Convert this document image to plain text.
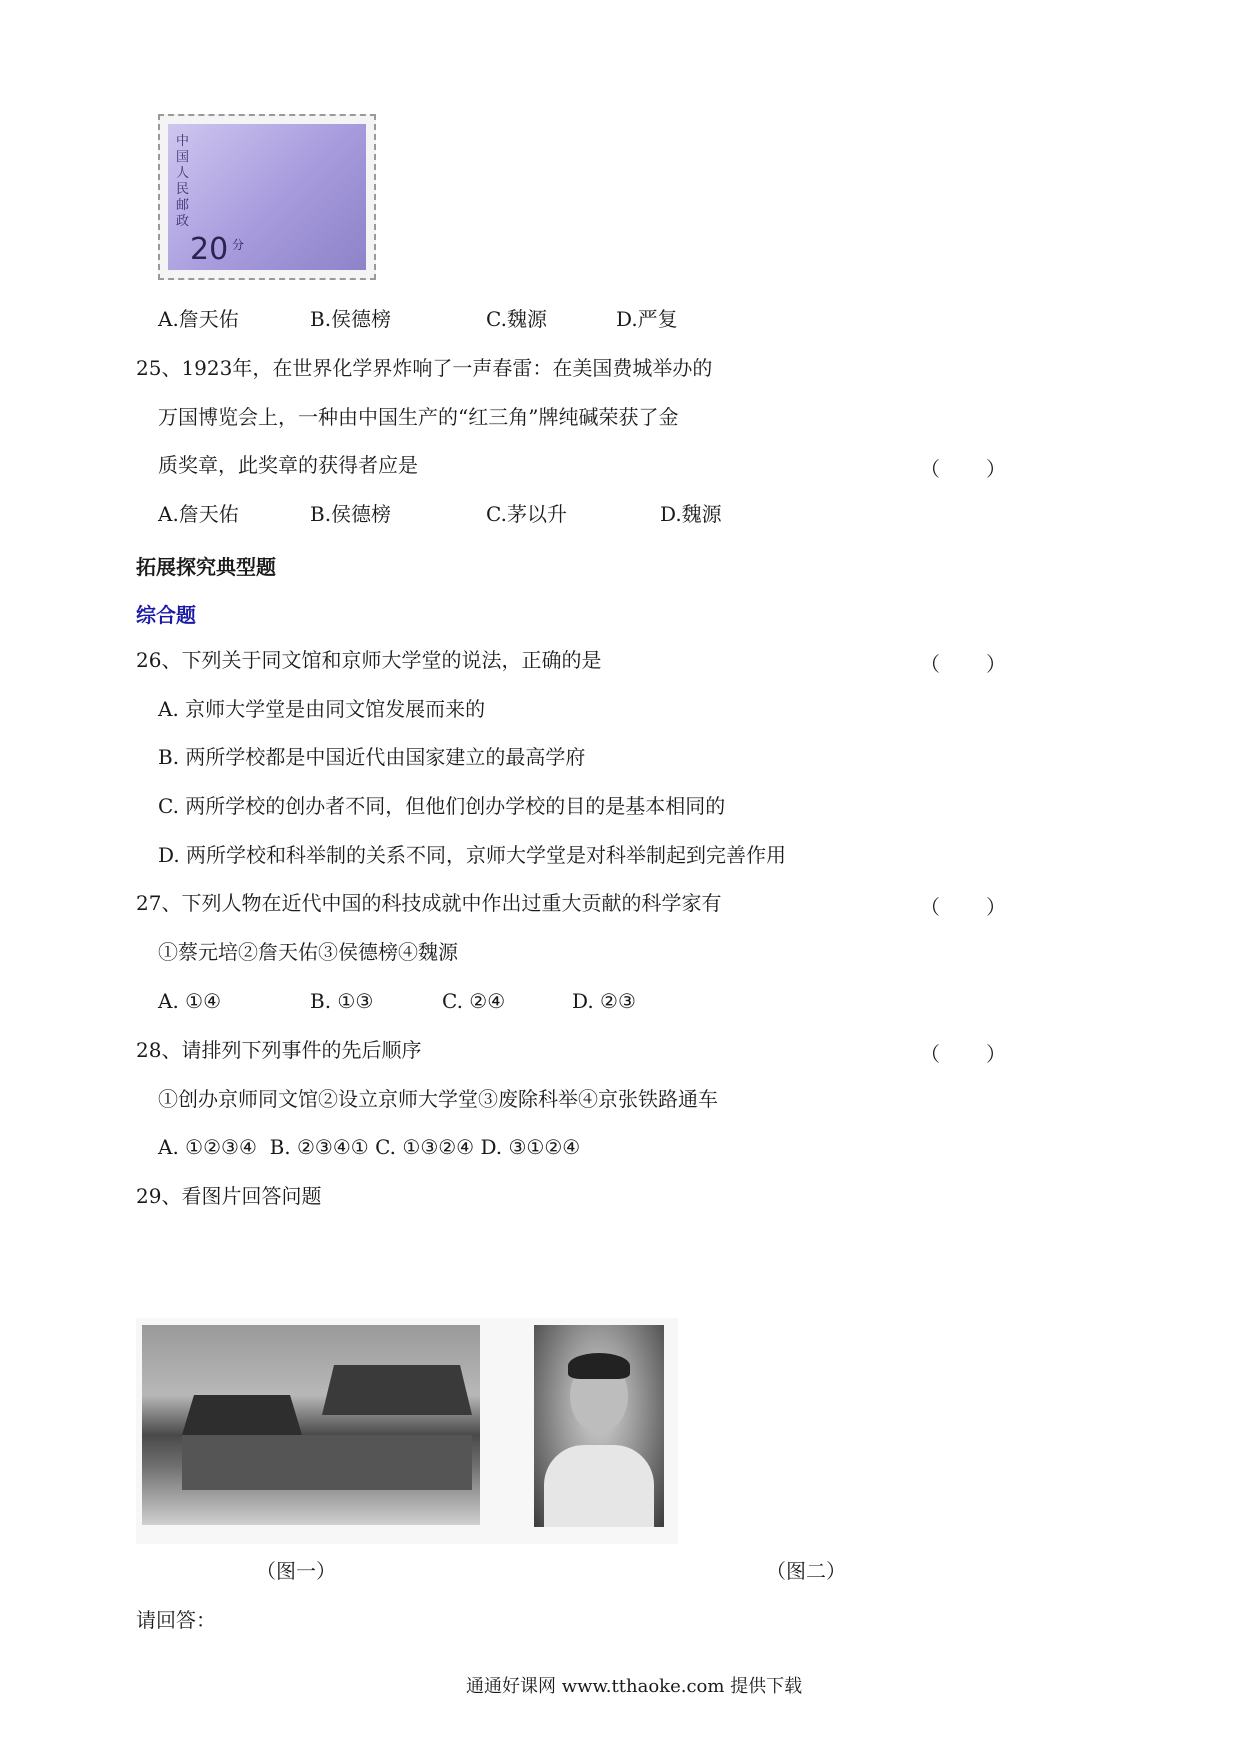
中国人民邮政
20 分
A.詹天佑	B.侯德榜	C.魏源	D.严复
25、1923年，在世界化学界炸响了一声春雷：在美国费城举办的
万国博览会上，一种由中国生产的“红三角”牌纯碱荣获了金
质奖章，此奖章的获得者应是	（ ）
A.詹天佑	B.侯德榜	C.茅以升	D.魏源
拓展探究典型题
综合题
26、下列关于同文馆和京师大学堂的说法，正确的是	（ ）
A. 京师大学堂是由同文馆发展而来的
B. 两所学校都是中国近代由国家建立的最高学府
C. 两所学校的创办者不同，但他们创办学校的目的是基本相同的
D. 两所学校和科举制的关系不同，京师大学堂是对科举制起到完善作用
27、下列人物在近代中国的科技成就中作出过重大贡献的科学家有	（ ）
①蔡元培②詹天佑③侯德榜④魏源
A. ①④	B. ①③	C. ②④	D. ②③
28、请排列下列事件的先后顺序	（ ）
①创办京师同文馆②设立京师大学堂③废除科举④京张铁路通车
A. ①②③④  B. ②③④① C. ①③②④ D. ③①②④
29、看图片回答问题
（图一）	（图二）
请回答：
通通好课网 www.tthaoke.com 提供下载
